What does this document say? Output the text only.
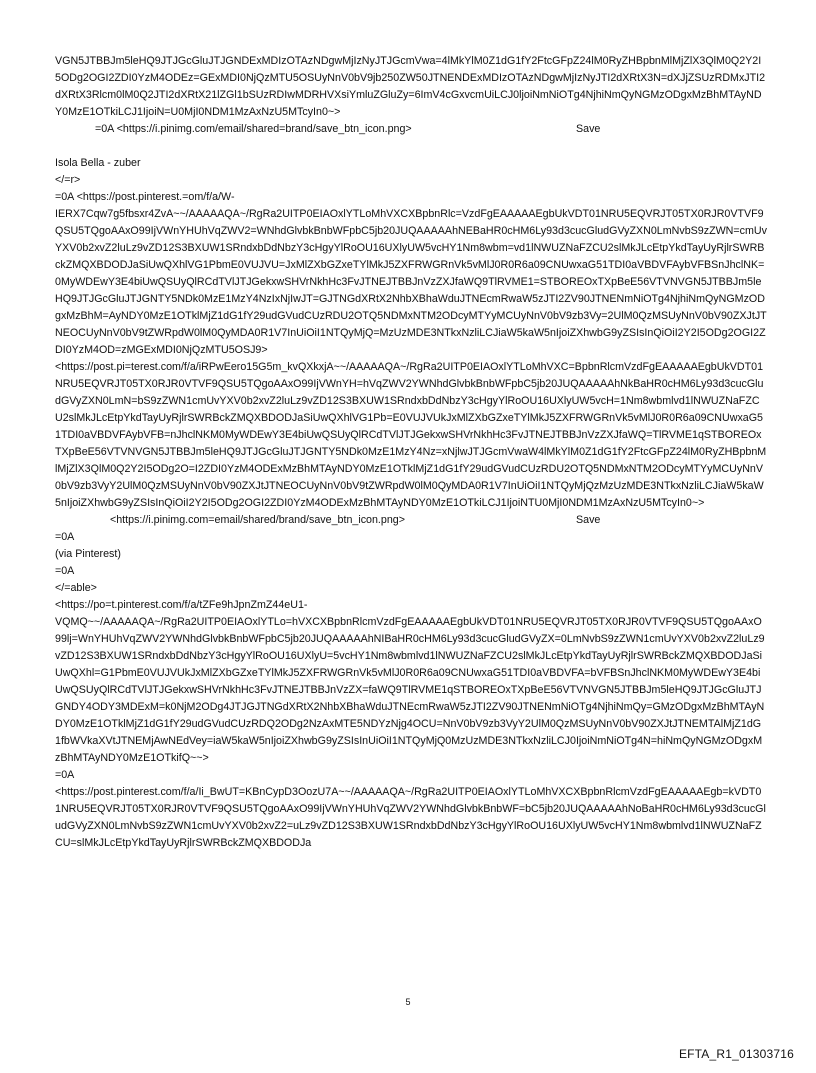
VGN5JTBBJm5leHQ9JTJGcGluJTJGNDExMDIzOTAzNDgwMjIzNyJTJGcmVwa=4lMkYlM0Z1dG1fY2FtcGFpZ24lM0RyZHBpbnMlMjZlX3QlM0Q2Y2I5ODg2OGI2ZDI0YzM4ODEz=GExMDI0NjQzMTU5OSUyNnV0bV9jb250ZW50JTNENDExMDIzOTAzNDgwMjIzNyJTI2dXRtX3N=dXJjZSUzRDMxJTI2dXRtX3Rlcm0lM0Q2JTI2dXRtX21lZGl1bSUzRDIwMDRHVXsiYmluZGluZy=6ImV4cGxvcmUiLCJ0ljoiNmNiOTg4NjhiNmQyNGMzODgxMzBhMTAyNDY0MzE1OTkiLCJ1IjoiN=U0MjI0NDM1MzAxNzU5MTcyIn0~>
=0A <https://i.pinimg.com/email/shared=brand/save_btn_icon.png>	Save
Isola Bella - zuber
</=r>
=0A <https://post.pinterest.=om/f/a/W-
IERX7Cqw7g5fbsxr4ZvA~~/AAAAAQA~/RgRa2UITP0EIAOxlYTLoMhVXCXBpbnRlc=VzdFgEAAAAAEgbUkVDT01NRU5EQVRJT05TX0RJR0VTVF9QSU5TQgoAAxO99IjVWnYHUhVqZWV2=WNhdGlvbkBnbWFpbC5jb20JUQAAAAAhNEBaHR0cHM6Ly93d3cucGludGVyZXN0LmNvbS9zZWN=cmUvYXV0b2xvZ2luLz9vZD12S3BXUW1SRndxbDdNbzY3cHgyYlRoOU16UXlyUW5vcHY1Nm8wbm=vd1lNWUZNaFZCU2slMkJLcEtpYkdTayUyRjlrSWRBckZMQXBDODJaSiUwQXhlVG1PbmE0VUJVU=JxMlZXbGZxeTYlMkJ5ZXFRWGRnVk5vMlJ0R0R6a09CNUwxaG51TDI0aVBDVFAybVFBSnJhclNK=0MyWDEwY3E4biUwQSUyQlRCdTVlJTJGekxwSHVrNkhHc3FvJTNEJTBBJnVzZXJfaWQ9TlRVME1=STBOREOxTXpBeE56VTVNVGN5JTBBJm5leHQ9JTJGcGluJTJGNTY5NDk0MzE1MzY4NzIxNjIwJT=GJTNGdXRtX2NhbXBhaWduJTNEcmRwaW5zJTI2ZV90JTNENmNiOTg4NjhiNmQyNGMzODgxMzBhM=AyNDY0MzE1OTklMjZ1dG1fY29udGVudCUzRDU2OTQ5NDMxNTM2ODcyMTYyMCUyNnV0bV9zb3Vy=2UlM0QzMSUyNnV0bV90ZXJtJTNEOCUyNnV0bV9tZWRpdW0lM0QyMDA0R1V7InUiOiI1NTQyMjQ=MzUzMDE3NTkxNzliLCJiaW5kaW5nIjoiZXhwbG9yZSIsInQiOiI2Y2I5ODg2OGI2ZDI0YzM4OD=zMGExMDI0NjQzMTU5OSJ9>
<https://post.pi=terest.com/f/a/iRPwEero15G5m_kvQXkxjA~~/AAAAAQA~/RgRa2UITP0EIAOxlYTLoMhVXC=BpbnRlcmVzdFgEAAAAAEgbUkVDT01NRU5EQVRJT05TX0RJR0VTVF9QSU5TQgoAAxO99IjVWnYH=hVqZWV2YWNhdGlvbkBnbWFpbC5jb20JUQAAAAAhNkBaHR0cHM6Ly93d3cucGludGVyZXN0LmN=bS9zZWN1cmUvYXV0b2xvZ2luLz9vZD12S3BXUW1SRndxbDdNbzY3cHgyYlRoOU16UXlyUW5vcH=1Nm8wbmlvd1lNWUZNaFZCU2slMkJLcEtpYkdTayUyRjlrSWRBckZMQXBDODJaSiUwQXhlVG1Pb=E0VUJVUkJxMlZXbGZxeTYlMkJ5ZXFRWGRnVk5vMlJ0R0R6a09CNUwxaG51TDI0aVBDVFAybVFB=nJhclNKM0MyWDEwY3E4biUwQSUyQlRCdTVlJTJGekxwSHVrNkhHc3FvJTNEJTBBJnVzZXJfaWQ=TlRVME1qSTBOREOxTXpBeE56VTVNVGN5JTBBJm5leHQ9JTJGcGluJTJGNTY5NDk0MzE1MzY4Nz=xNjlwJTJGcmVwaW4lMkYlM0Z1dG1fY2FtcGFpZ24lM0RyZHBpbnMlMjZlX3QlM0Q2Y2I5ODg2O=I2ZDI0YzM4ODExMzBhMTAyNDY0MzE1OTklMjZ1dG1fY29udGVudCUzRDU2OTQ5NDMxNTM2ODcyMTYyMCUyNnV0bV9zb3VyY2UlM0QzMSUyNnV0bV90ZXJtJTNEOCUyNnV0bV9tZWRpdW0lM0QyMDA0R1V7InUiOiI1NTQyMjQzMzUzMDE3NTkxNzliLCJiaW5kaW5nIjoiZXhwbG9yZSIsInQiOiI2Y2I5ODg2OGI2ZDI0YzM4ODExMzBhMTAyNDY0MzE1OTkiLCJ1IjoiNTU0MjI0NDM1MzAxNzU5MTcyIn0~>
<https://i.pinimg.com=email/shared/brand/save_btn_icon.png>	Save
=0A
(via Pinterest)
=0A
</=able>
<https://po=t.pinterest.com/f/a/tZFe9hJpnZmZ44eU1-
VQMQ~~/AAAAAQA~/RgRa2UITP0EIAOxlYTLo=hVXCXBpbnRlcmVzdFgEAAAAAEgbUkVDT01NRU5EQVRJT05TX0RJR0VTVF9QSU5TQgoAAxO99lj=WnYHUhVqZWV2YWNhdGlvbkBnbWFpbC5jb20JUQAAAAAhNIBaHR0cHM6Ly93d3cucGludGVyZX=0LmNvbS9zZWN1cmUvYXV0b2xvZ2luLz9vZD12S3BXUW1SRndxbDdNbzY3cHgyYlRoOU16UXlyU=5vcHY1Nm8wbmlvd1lNWUZNaFZCU2slMkJLcEtpYkdTayUyRjlrSWRBckZMQXBDODJaSiUwQXhl=G1PbmE0VUJVUkJxMlZXbGZxeTYlMkJ5ZXFRWGRnVk5vMlJ0R0R6a09CNUwxaG51TDI0aVBDVFA=bVFBSnJhclNKM0MyWDEwY3E4biUwQSUyQlRCdTVlJTJGekxwSHVrNkhHc3FvJTNEJTBBJnVzZX=faWQ9TlRVME1qSTBOREOxTXpBeE56VTVNVGN5JTBBJm5leHQ9JTJGcGluJTJGNDY4ODY3MDExM=k0NjM2ODg4JTJGJTNGdXRtX2NhbXBhaWduJTNEcmRwaW5zJTI2ZV90JTNENmNiOTg4NjhiNmQy=GMzODgxMzBhMTAyNDY0MzE1OTklMjZ1dG1fY29udGVudCUzRDQ2ODg2NzAxMTE5NDYzNjg4OCU=NnV0bV9zb3VyY2UlM0QzMSUyNnV0bV90ZXJtJTNEMTAlMjZ1dG1fbWVkaXVtJTNEMjAwNEdVey=iaW5kaW5nIjoiZXhwbG9yZSIsInUiOiI1NTQyMjQ0MzUzMDE3NTkxNzliLCJ0IjoiNmNiOTg4N=hiNmQyNGMzODgxMzBhMTAyNDY0MzE1OTkifQ~~>
=0A
<https://post.pinterest.com/f/a/Ii_BwUT=KBnCypD3OozU7A~~/AAAAAQA~/RgRa2UITP0EIAOxlYTLoMhVXCXBpbnRlcmVzdFgEAAAAAEgb=kVDT01NRU5EQVRJT05TX0RJR0VTVF9QSU5TQgoAAxO99IjVWnYHUhVqZWV2YWNhdGlvbkBnbWF=bC5jb20JUQAAAAAhNoBaHR0cHM6Ly93d3cucGludGVyZXN0LmNvbS9zZWN1cmUvYXV0b2xvZ2=uLz9vZD12S3BXUW1SRndxbDdNbzY3cHgyYlRoOU16UXlyUW5vcHY1Nm8wbmlvd1lNWUZNaFZCU=slMkJLcEtpYkdTayUyRjlrSWRBckZMQXBDODJa
5
EFTA_R1_01303716
